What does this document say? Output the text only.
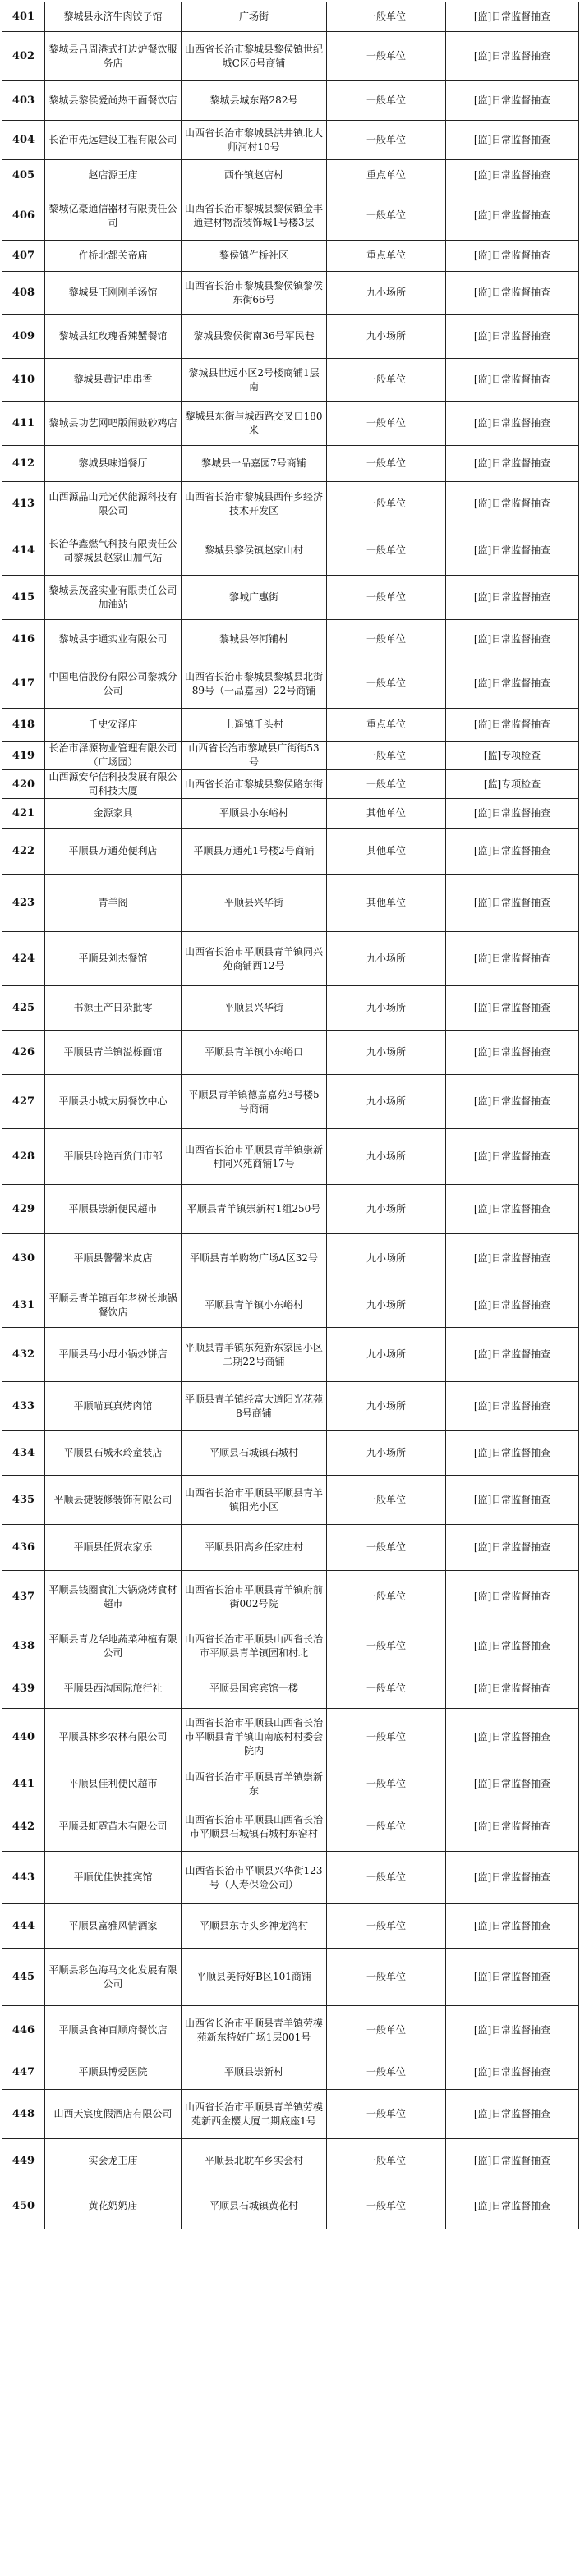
401	黎城县永济牛肉饺子馆	广场街	一般单位	[监]日常监督抽查
402	黎城县吕周港式打边炉餐饮服务店	山西省长治市黎城县黎侯镇世纪城C区6号商铺	一般单位	[监]日常监督抽查
403	黎城县黎侯爱尚热干面餐饮店	黎城县城东路282号	一般单位	[监]日常监督抽查
404	长治市先远建设工程有限公司	山西省长治市黎城县洪井镇北大师河村10号	一般单位	[监]日常监督抽查
405	赵店源王庙	西仵镇赵店村	重点单位	[监]日常监督抽查
406	黎城亿豪通信器材有限责任公司	山西省长治市黎城县黎侯镇金丰通建材物流装饰城1号楼3层	一般单位	[监]日常监督抽查
407	仵桥北都关帝庙	黎侯镇仵桥社区	重点单位	[监]日常监督抽查
408	黎城县王刚刚羊汤馆	山西省长治市黎城县黎侯镇黎侯东街66号	九小场所	[监]日常监督抽查
409	黎城县红玫瑰香辣蟹餐馆	黎城县黎侯街南36号军民巷	九小场所	[监]日常监督抽查
410	黎城县黄记串串香	黎城县世远小区2号楼商铺1层南	一般单位	[监]日常监督抽查
411	黎城县功艺网吧版闹鼓砂鸡店	黎城县东街与城西路交叉口180米	一般单位	[监]日常监督抽查
412	黎城县味道餐厅	黎城县一品嘉园7号商铺	一般单位	[监]日常监督抽查
413	山西源晶山元光伏能源科技有限公司	山西省长治市黎城县西仵乡经济技术开发区	一般单位	[监]日常监督抽查
414	长治华鑫燃气科技有限责任公司黎城县赵家山加气站	黎城县黎侯镇赵家山村	一般单位	[监]日常监督抽查
415	黎城县茂盛实业有限责任公司加油站	黎城广惠街	一般单位	[监]日常监督抽查
416	黎城县宇通实业有限公司	黎城县停河铺村	一般单位	[监]日常监督抽查
417	中国电信股份有限公司黎城分公司	山西省长治市黎城县黎城县北街89号（一品嘉园）22号商铺	一般单位	[监]日常监督抽查
418	千史安泽庙	上遥镇千头村	重点单位	[监]日常监督抽查
419	长治市泽源物业管理有限公司（广场园）	山西省长治市黎城县广街街53号	一般单位	[监]专项检查
420	山西源安华信科技发展有限公司科技大厦	山西省长治市黎城县黎侯路东街	一般单位	[监]专项检查
421	金源家具	平顺县小东峪村	其他单位	[监]日常监督抽查
422	平顺县万通苑便利店	平顺县万通苑1号楼2号商铺	其他单位	[监]日常监督抽查
423	青羊阁	平顺县兴华街	其他单位	[监]日常监督抽查
424	平顺县刘杰餐馆	山西省长治市平顺县青羊镇同兴苑商铺西12号	九小场所	[监]日常监督抽查
425	书源土产日杂批零	平顺县兴华街	九小场所	[监]日常监督抽查
426	平顺县青羊镇溢栎面馆	平顺县青羊镇小东峪口	九小场所	[监]日常监督抽查
427	平顺县小城大厨餐饮中心	平顺县青羊镇德嘉嘉苑3号楼5号商铺	九小场所	[监]日常监督抽查
428	平顺县玲艳百货门市部	山西省长治市平顺县青羊镇崇新村同兴苑商铺17号	九小场所	[监]日常监督抽查
429	平顺县崇新便民超市	平顺县青羊镇崇新村1组250号	九小场所	[监]日常监督抽查
430	平顺县馨馨米皮店	平顺县青羊购物广场A区32号	九小场所	[监]日常监督抽查
431	平顺县青羊镇百年老树长地锅餐饮店	平顺县青羊镇小东峪村	九小场所	[监]日常监督抽查
432	平顺县马小母小锅炒饼店	平顺县青羊镇东苑新东家园小区二期22号商铺	九小场所	[监]日常监督抽查
433	平顺喵真真烤肉馆	平顺县青羊镇经富大道阳光花苑8号商铺	九小场所	[监]日常监督抽查
434	平顺县石城永玲童装店	平顺县石城镇石城村	九小场所	[监]日常监督抽查
435	平顺县捷装修装饰有限公司	山西省长治市平顺县平顺县青羊镇阳光小区	一般单位	[监]日常监督抽查
436	平顺县任贤农家乐	平顺县阳高乡任家庄村	一般单位	[监]日常监督抽查
437	平顺县钱圈食汇大锅烧烤食材超市	山西省长治市平顺县青羊镇府前街002号院	一般单位	[监]日常监督抽查
438	平顺县青龙华地蔬菜种植有限公司	山西省长治市平顺县山西省长治市平顺县青羊镇园和村北	一般单位	[监]日常监督抽查
439	平顺县西沟国际旅行社	平顺县国宾宾馆一楼	一般单位	[监]日常监督抽查
440	平顺县林乡农林有限公司	山西省长治市平顺县山西省长治市平顺县青羊镇山南底村村委会院内	一般单位	[监]日常监督抽查
441	平顺县佳利便民超市	山西省长治市平顺县青羊镇崇新东	一般单位	[监]日常监督抽查
442	平顺县虹霓苗木有限公司	山西省长治市平顺县山西省长治市平顺县石城镇石城村东窑村	一般单位	[监]日常监督抽查
443	平顺优佳快捷宾馆	山西省长治市平顺县兴华街123号（人寿保险公司）	一般单位	[监]日常监督抽查
444	平顺县富雅风情酒家	平顺县东寺头乡神龙湾村	一般单位	[监]日常监督抽查
445	平顺县彩色海马文化发展有限公司	平顺县美特好B区101商铺	一般单位	[监]日常监督抽查
446	平顺县食神百顺府餐饮店	山西省长治市平顺县青羊镇劳模苑新东特好广场1层001号	一般单位	[监]日常监督抽查
447	平顺县博爱医院	平顺县崇新村	一般单位	[监]日常监督抽查
448	山西天宸度假酒店有限公司	山西省长治市平顺县青羊镇劳模苑新西金樱大厦二期底座1号	一般单位	[监]日常监督抽查
449	实会龙王庙	平顺县北耽车乡实会村	一般单位	[监]日常监督抽查
450	黄花奶奶庙	平顺县石城镇黄花村	一般单位	[监]日常监督抽查
